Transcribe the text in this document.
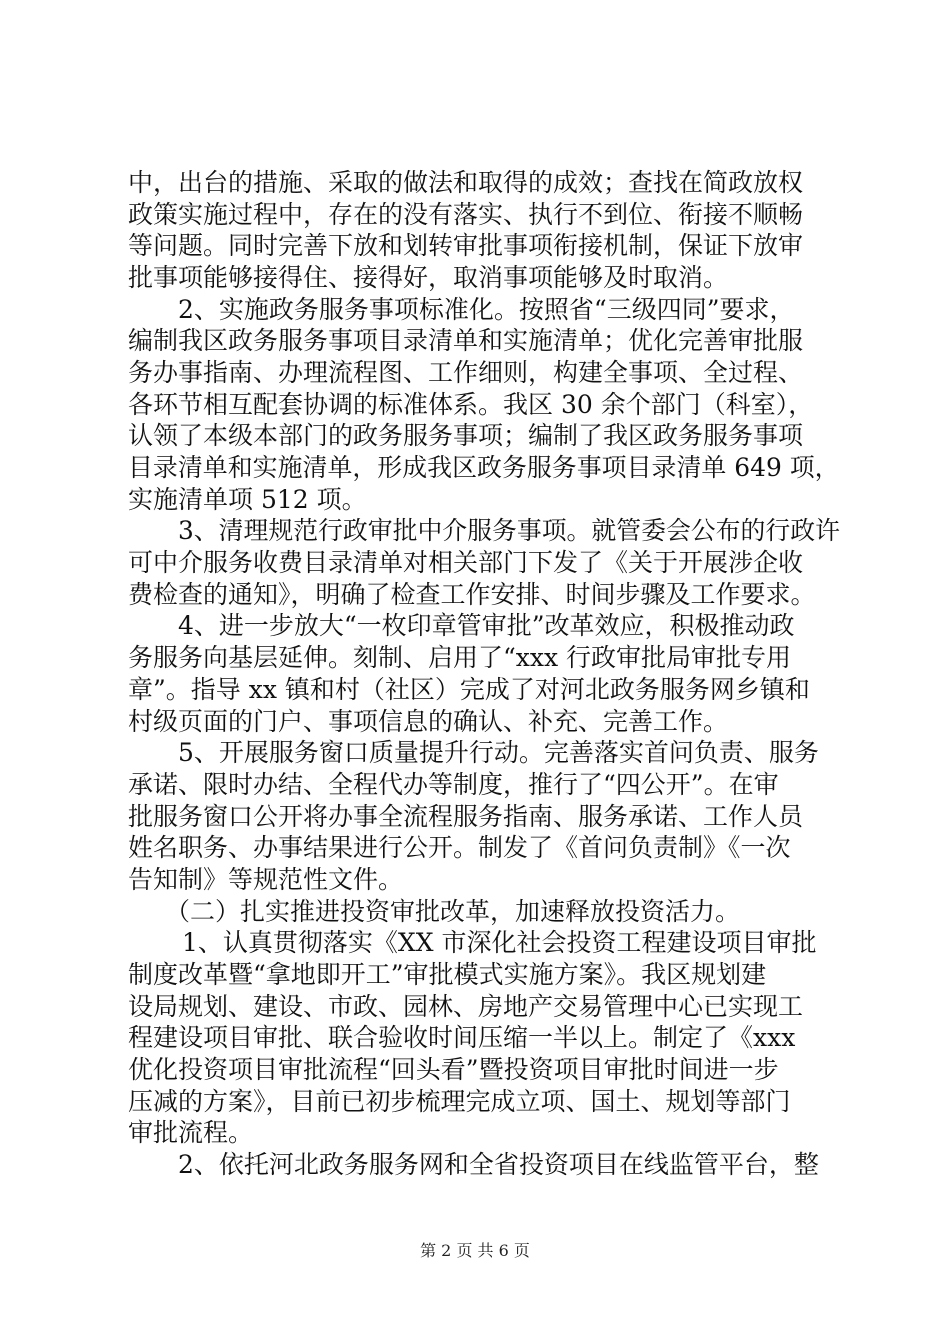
中，出台的措施、采取的做法和取得的成效；查找在简政放权
政策实施过程中，存在的没有落实、执行不到位、衔接不顺畅
等问题。同时完善下放和划转审批事项衔接机制，保证下放审
批事项能够接得住、接得好，取消事项能够及时取消。
2、实施政务服务事项标准化。按照省“三级四同”要求，
编制我区政务服务事项目录清单和实施清单；优化完善审批服
务办事指南、办理流程图、工作细则，构建全事项、全过程、
各环节相互配套协调的标准体系。我区 30 余个部门（科室），
认领了本级本部门的政务服务事项；编制了我区政务服务事项
目录清单和实施清单，形成我区政务服务事项目录清单 649 项，
实施清单项 512 项。
3、清理规范行政审批中介服务事项。就管委会公布的行政许
可中介服务收费目录清单对相关部门下发了《关于开展涉企收
费检查的通知》，明确了检查工作安排、时间步骤及工作要求。
4、进一步放大“一枚印章管审批”改革效应，积极推动政
务服务向基层延伸。刻制、启用了“xxx 行政审批局审批专用
章”。指导 xx 镇和村（社区）完成了对河北政务服务网乡镇和
村级页面的门户、事项信息的确认、补充、完善工作。
5、开展服务窗口质量提升行动。完善落实首问负责、服务
承诺、限时办结、全程代办等制度，推行了“四公开”。在审
批服务窗口公开将办事全流程服务指南、服务承诺、工作人员
姓名职务、办事结果进行公开。制发了《首问负责制》《一次
告知制》等规范性文件。
（二）扎实推进投资审批改革，加速释放投资活力。
1、认真贯彻落实《XX 市深化社会投资工程建设项目审批
制度改革暨“拿地即开工”审批模式实施方案》。我区规划建
设局规划、建设、市政、园林、房地产交易管理中心已实现工
程建设项目审批、联合验收时间压缩一半以上。制定了《xxx
优化投资项目审批流程“回头看”暨投资项目审批时间进一步
压减的方案》，目前已初步梳理完成立项、国土、规划等部门
审批流程。
2、依托河北政务服务网和全省投资项目在线监管平台，整
第 2 页 共 6 页
